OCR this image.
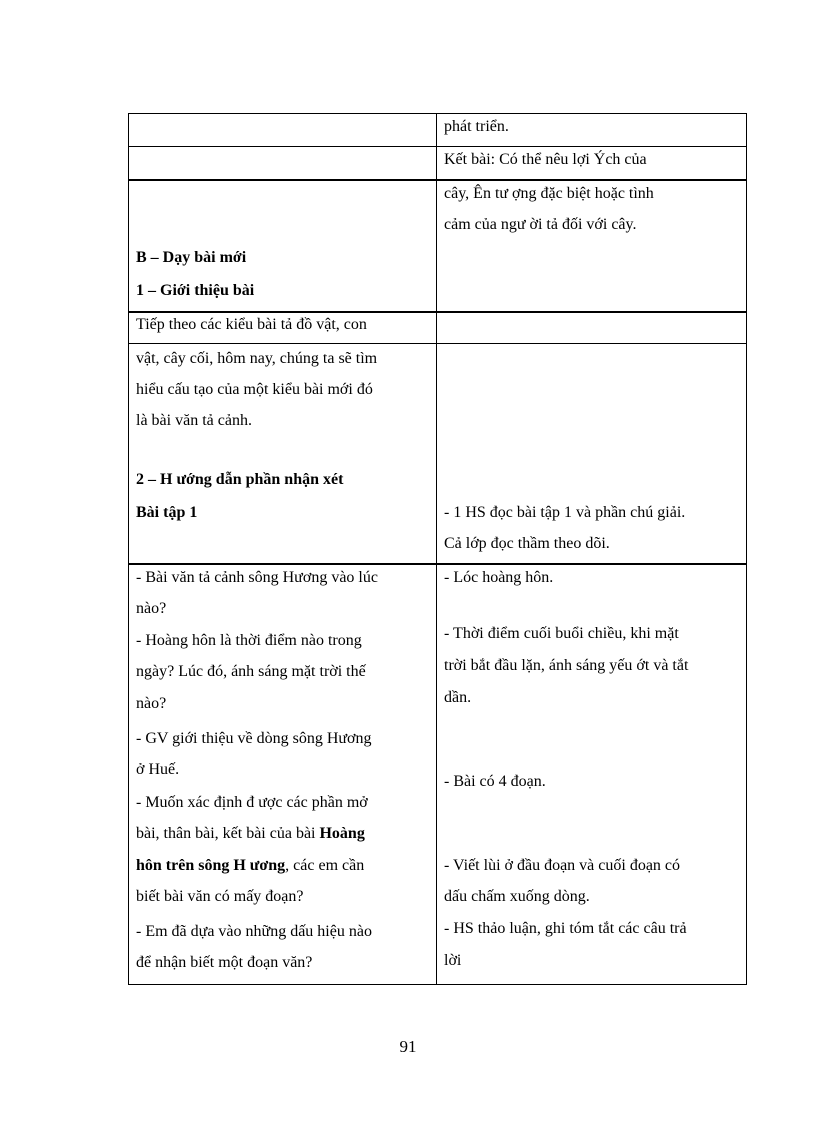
phát triển.
Kết bài: Có thể nêu lợi Ých của
cây, Ên tư ợng đặc biệt hoặc tình
cảm của ngư ời tả đối với cây.
B – Dạy bài mới
1 – Giới thiệu bài
Tiếp theo các kiểu bài tả đồ vật, con
vật, cây cối, hôm nay, chúng ta sẽ tìm
hiểu cấu tạo của một kiểu bài mới đó
là bài văn tả cảnh.
2 – H ướng dẫn phần nhận xét
Bài tập 1	- 1 HS đọc bài tập 1 và phần chú giải.
Cả lớp đọc thầm theo dõi.
- Bài văn tả cảnh sông Hương vào lúc
nào?
- Hoàng hôn là thời điểm nào trong
ngày? Lúc đó, ánh sáng mặt trời thế
nào?
- GV giới thiệu về dòng sông Hương
ở Huế.
- Muốn xác định đ ược các phần mở
bài, thân bài, kết bài của bài Hoàng
hôn trên sông H ương, các em cần
biết bài văn có mấy đoạn?
- Em đã dựa vào những dấu hiệu nào
để nhận biết một đoạn văn?
- Lóc hoàng hôn.
- Thời điểm cuối buổi chiều, khi mặt
trời bắt đầu lặn, ánh sáng yếu ớt và tắt
dần.
- Bài có 4 đoạn.
- Viết lùi ở đầu đoạn và cuối đoạn có
dấu chấm xuống dòng.
- HS thảo luận, ghi tóm tắt các câu trả
lời
91
